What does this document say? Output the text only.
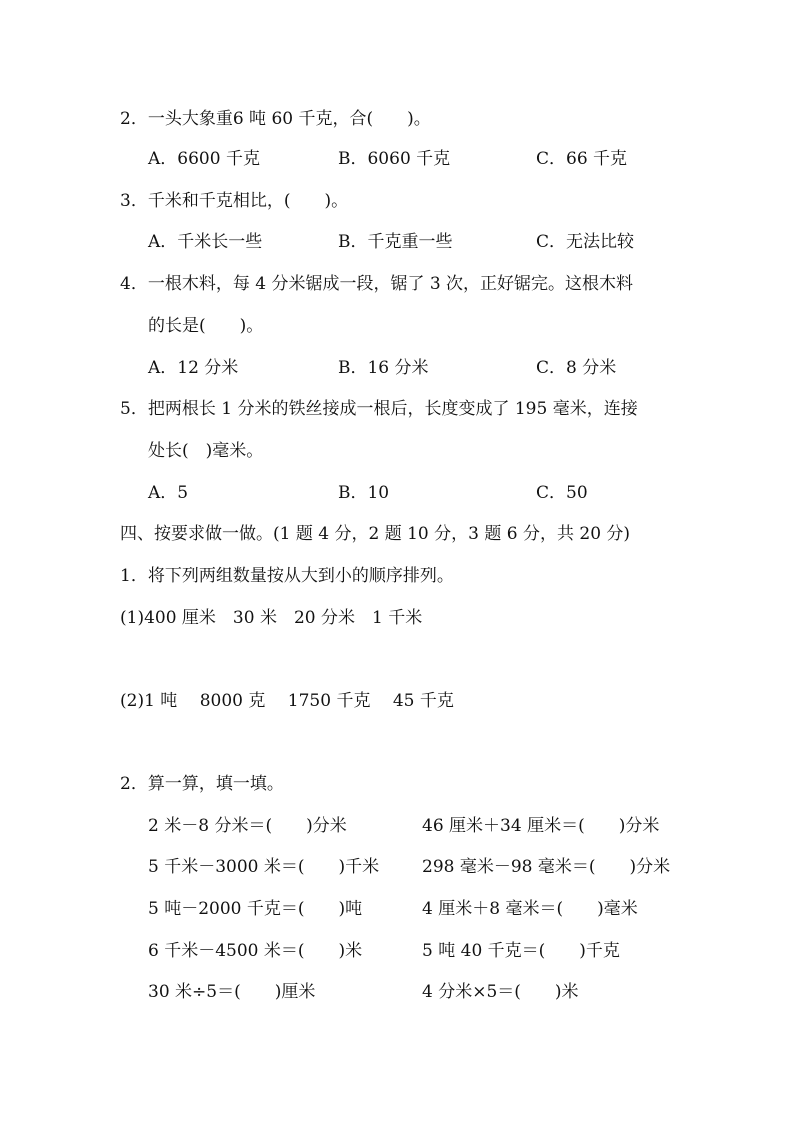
2．一头大象重6 吨 60 千克，合(　　)。
A．6600 千克	B．6060 千克	C．66 千克
3．千米和千克相比，(　　)。
A．千米长一些	B．千克重一些	C．无法比较
4．一根木料，每 4 分米锯成一段，锯了 3 次，正好锯完。这根木料
的长是(　　)。
A．12 分米	B．16 分米	C．8 分米
5．把两根长 1 分米的铁丝接成一根后，长度变成了 195 毫米，连接
处长(　)毫米。
A．5	B．10	C．50
四、按要求做一做。(1 题 4 分，2 题 10 分，3 题 6 分，共 20 分)
1．将下列两组数量按从大到小的顺序排列。
(1)400 厘米　30 米　20 分米　1 千米
(2)1 吨　 8000 克　 1750 千克　 45 千克
2．算一算，填一填。
2 米－8 分米＝(　　)分米	46 厘米＋34 厘米＝(　　)分米
5 千米－3000 米＝(　　)千米	298 毫米－98 毫米＝(　　)分米
5 吨－2000 千克＝(　　)吨	4 厘米＋8 毫米＝(　　)毫米
6 千米－4500 米＝(　　)米	5 吨 40 千克＝(　　)千克
30 米÷5＝(　　)厘米	4 分米×5＝(　　)米
